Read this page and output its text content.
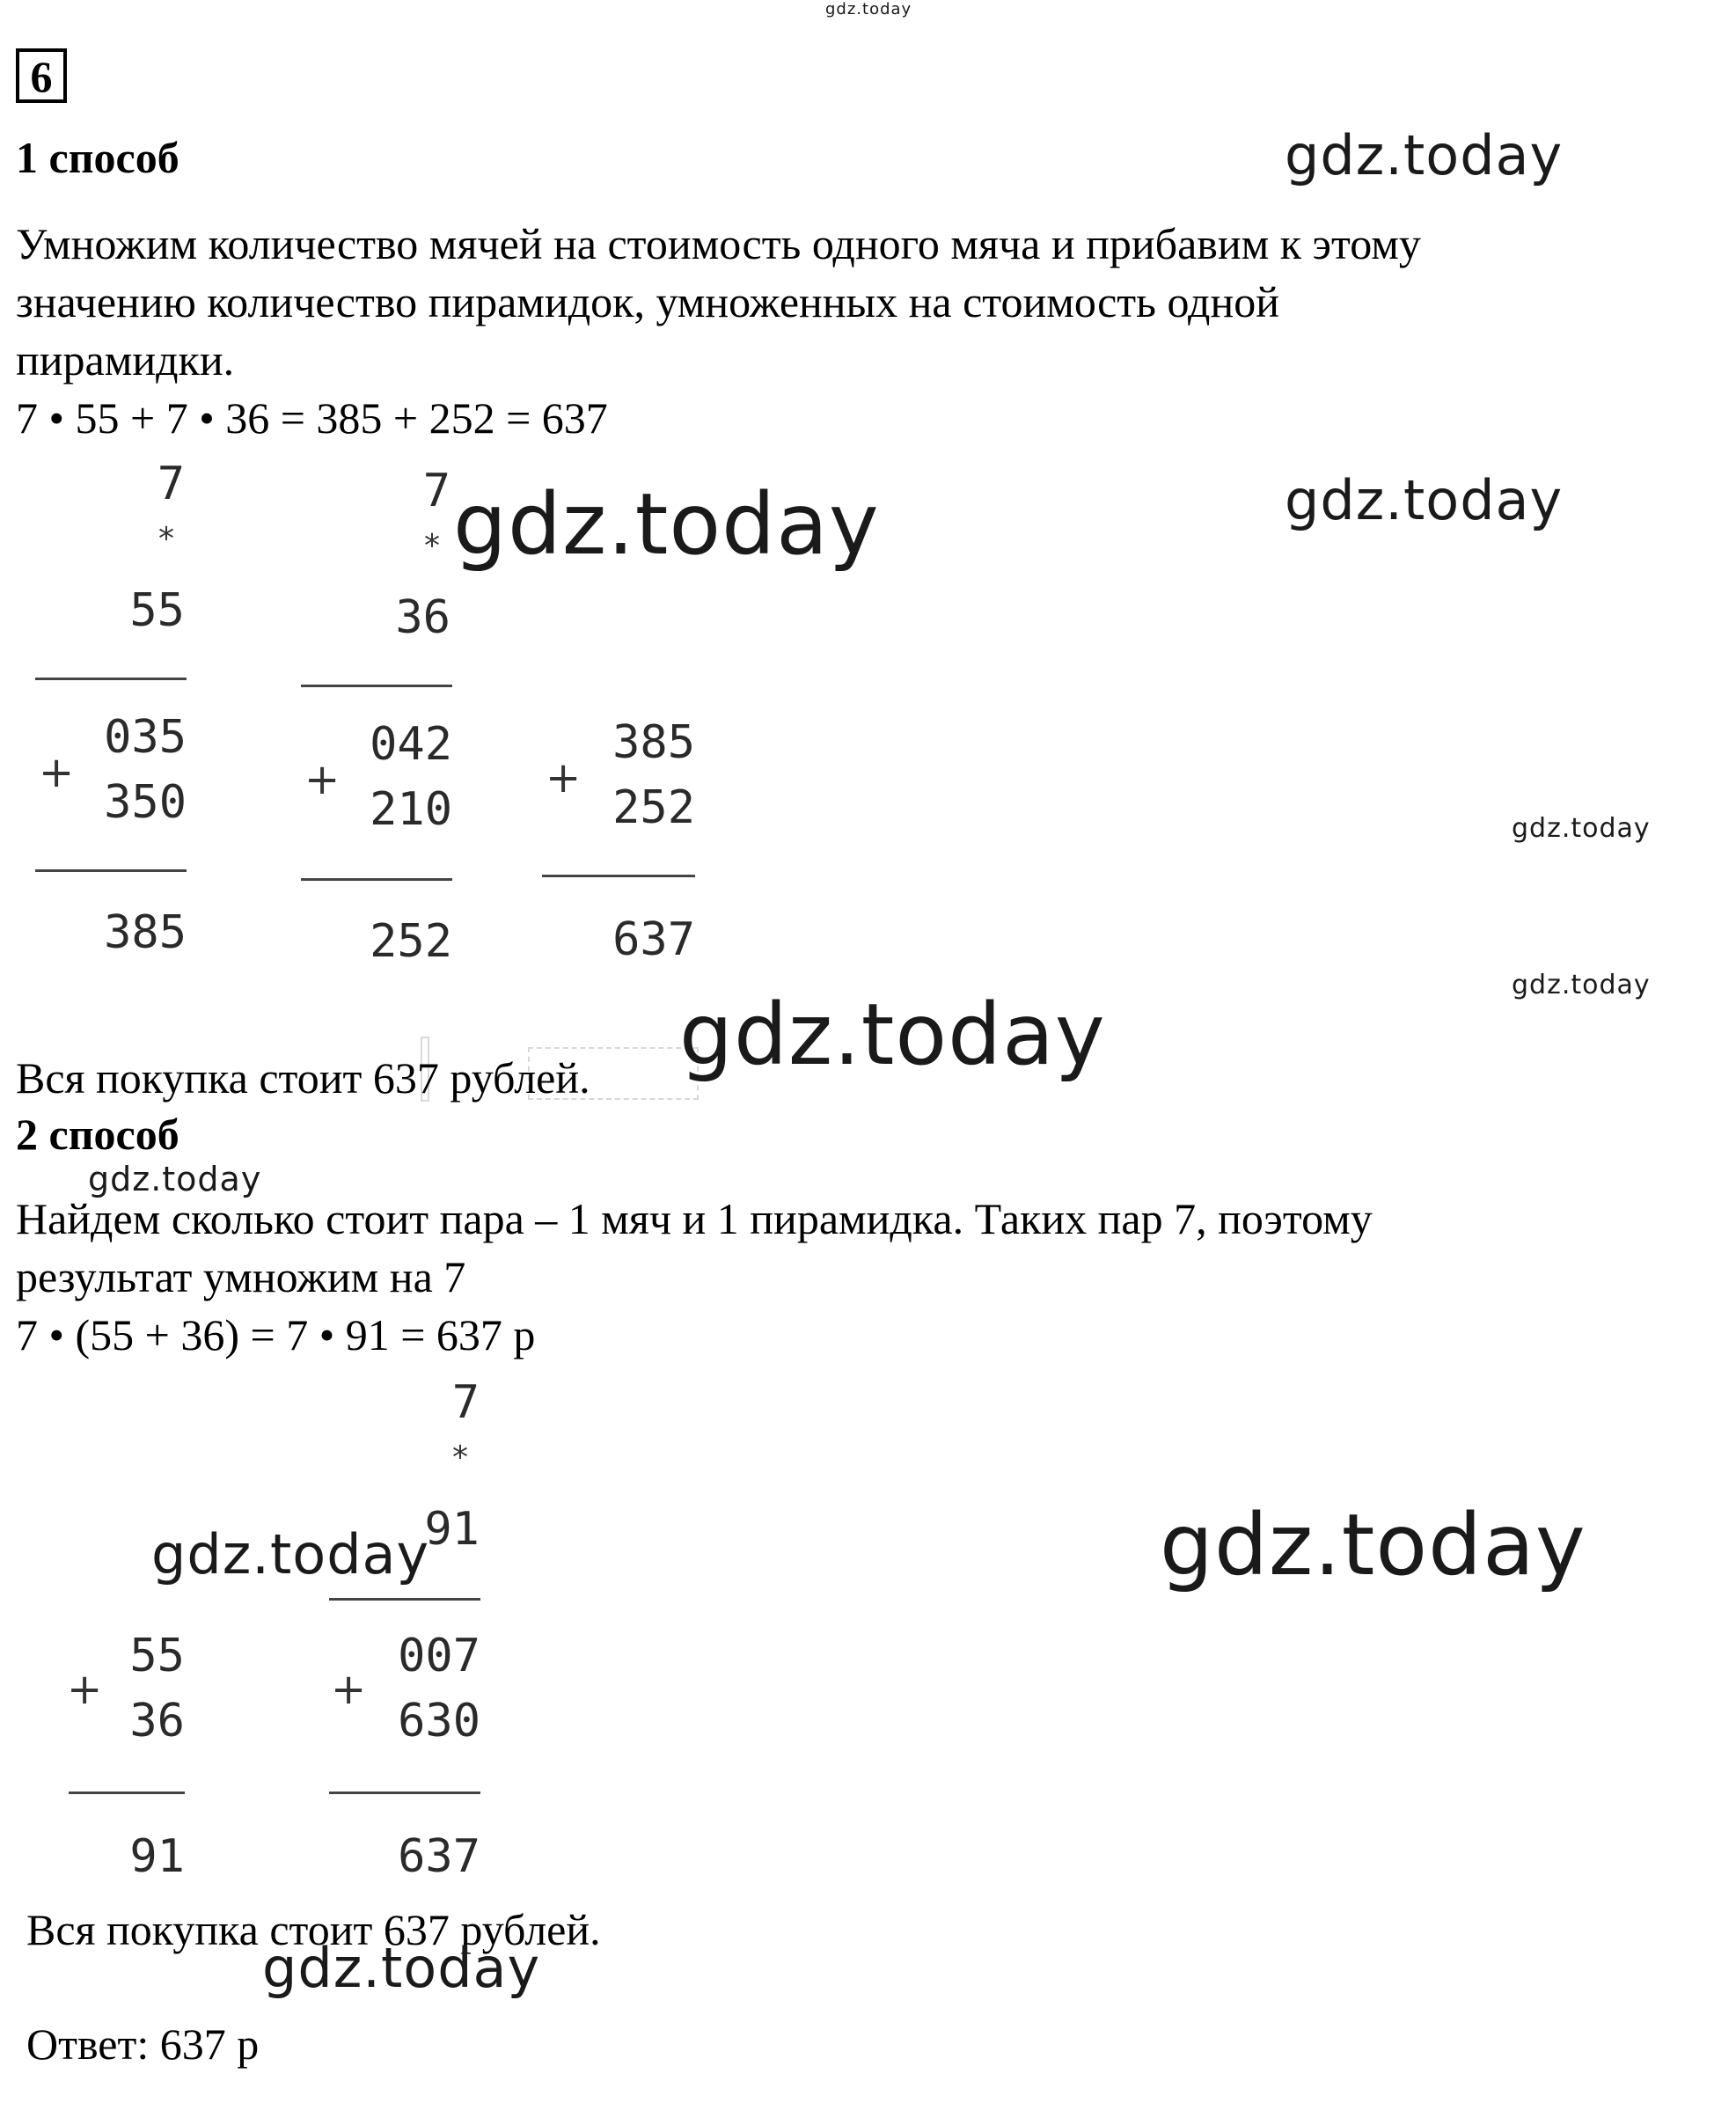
gdz.today
6
1 способ	gdz.today
Умножим количество мячей на стоимость одного мяча и прибавим к этому
значению количество пирамидок, умноженных на стоимость одной
пирамидки.
7 • 55 + 7 • 36 = 385 + 252 = 637
7
*
55
+
035
350
385
7
*
36
gdz.today
+
042
210
252
+
385
252
637
gdz.today
gdz.today
gdz.today
Вся покупка стоит 637 рублей. gdz.today
2 способ
gdz.today
Найдем сколько стоит пара – 1 мяч и 1 пирамидка. Таких пар 7, поэтому
результат умножим на 7
7 • (55 + 36) = 7 • 91 = 637 р
7
*
91
gdz.today	gdz.today
+
55
36
91
+
007
630
637
Вся покупка стоит 637 рублей.
gdz.today
Ответ: 637 р
